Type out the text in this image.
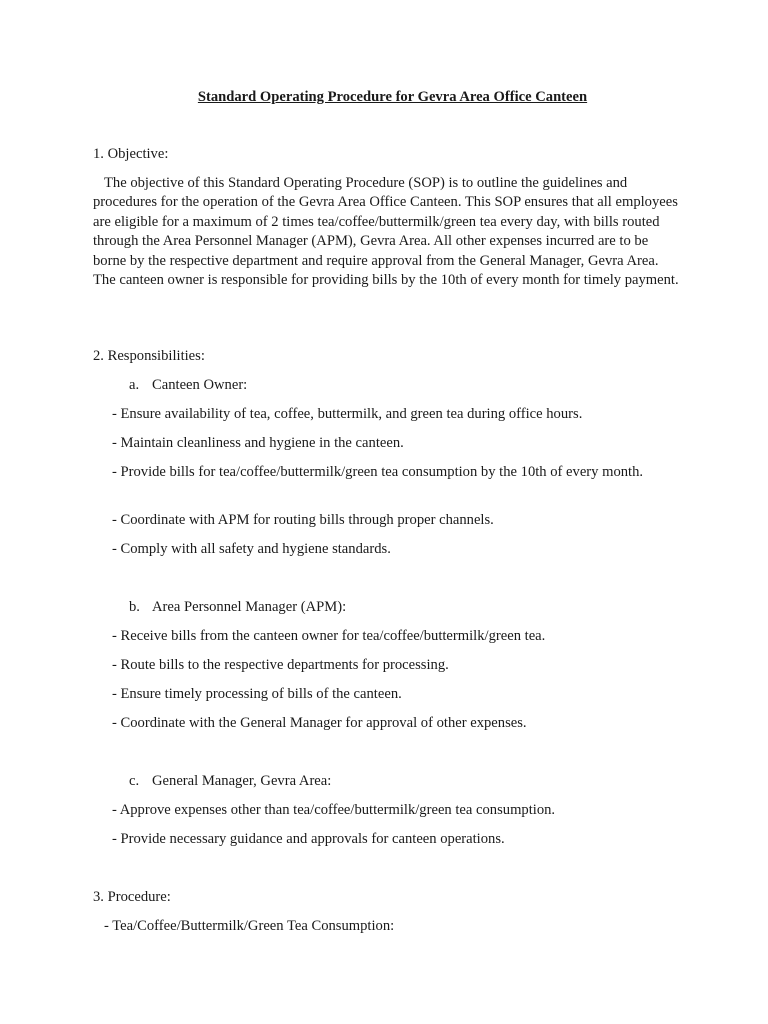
Standard Operating Procedure for Gevra Area Office Canteen
1. Objective:
The objective of this Standard Operating Procedure (SOP) is to outline the guidelines and procedures for the operation of the Gevra Area Office Canteen. This SOP ensures that all employees are eligible for a maximum of 2 times tea/coffee/buttermilk/green tea every day, with bills routed through the Area Personnel Manager (APM), Gevra Area. All other expenses incurred are to be borne by the respective department and require approval from the General Manager, Gevra Area. The canteen owner is responsible for providing bills by the 10th of every month for timely payment.
2. Responsibilities:
a. Canteen Owner:
- Ensure availability of tea, coffee, buttermilk, and green tea during office hours.
- Maintain cleanliness and hygiene in the canteen.
- Provide bills for tea/coffee/buttermilk/green tea consumption by the 10th of every month.
- Coordinate with APM for routing bills through proper channels.
- Comply with all safety and hygiene standards.
b. Area Personnel Manager (APM):
- Receive bills from the canteen owner for tea/coffee/buttermilk/green tea.
- Route bills to the respective departments for processing.
- Ensure timely processing of bills of the canteen.
- Coordinate with the General Manager for approval of other expenses.
c. General Manager, Gevra Area:
- Approve expenses other than tea/coffee/buttermilk/green tea consumption.
- Provide necessary guidance and approvals for canteen operations.
3. Procedure:
- Tea/Coffee/Buttermilk/Green Tea Consumption:
